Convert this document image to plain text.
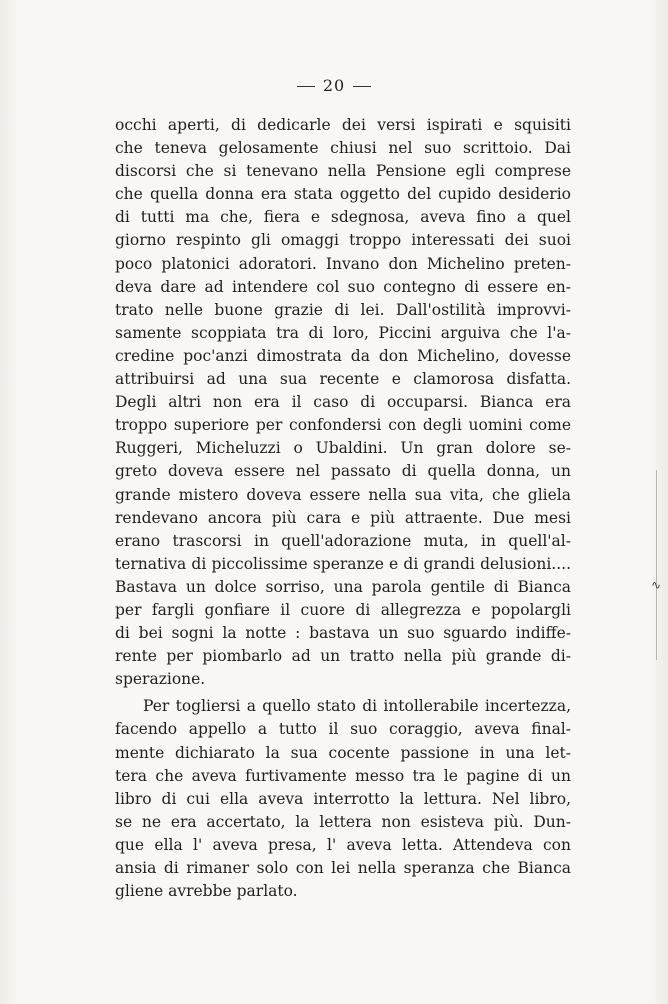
20
occhi aperti, di dedicarle dei versi ispirati e squisiti
che teneva gelosamente chiusi nel suo scrittoio. Dai
discorsi che si tenevano nella Pensione egli comprese
che quella donna era stata oggetto del cupido desiderio
di tutti ma che, fiera e sdegnosa, aveva fino a quel
giorno respinto gli omaggi troppo interessati dei suoi
poco platonici adoratori. Invano don Michelino preten-
deva dare ad intendere col suo contegno di essere en-
trato nelle buone grazie di lei. Dall'ostilità improvvi-
samente scoppiata tra di loro, Piccini arguiva che l'a-
credine poc'anzi dimostrata da don Michelino, dovesse
attribuirsi ad una sua recente e clamorosa disfatta.
Degli altri non era il caso di occuparsi. Bianca era
troppo superiore per confondersi con degli uomini come
Ruggeri, Micheluzzi o Ubaldini. Un gran dolore se-
greto doveva essere nel passato di quella donna, un
grande mistero doveva essere nella sua vita, che gliela
rendevano ancora più cara e più attraente. Due mesi
erano trascorsi in quell'adorazione muta, in quell'al-
ternativa di piccolissime speranze e di grandi delusioni....
Bastava un dolce sorriso, una parola gentile di Bianca
per fargli gonfiare il cuore di allegrezza e popolargli
di bei sogni la notte : bastava un suo sguardo indiffe-
rente per piombarlo ad un tratto nella più grande di-
sperazione.
Per togliersi a quello stato di intollerabile incertezza,
facendo appello a tutto il suo coraggio, aveva final-
mente dichiarato la sua cocente passione in una let-
tera che aveva furtivamente messo tra le pagine di un
libro di cui ella aveva interrotto la lettura. Nel libro,
se ne era accertato, la lettera non esisteva più. Dun-
que ella l' aveva presa, l' aveva letta. Attendeva con
ansia di rimaner solo con lei nella speranza che Bianca
gliene avrebbe parlato.
∿
